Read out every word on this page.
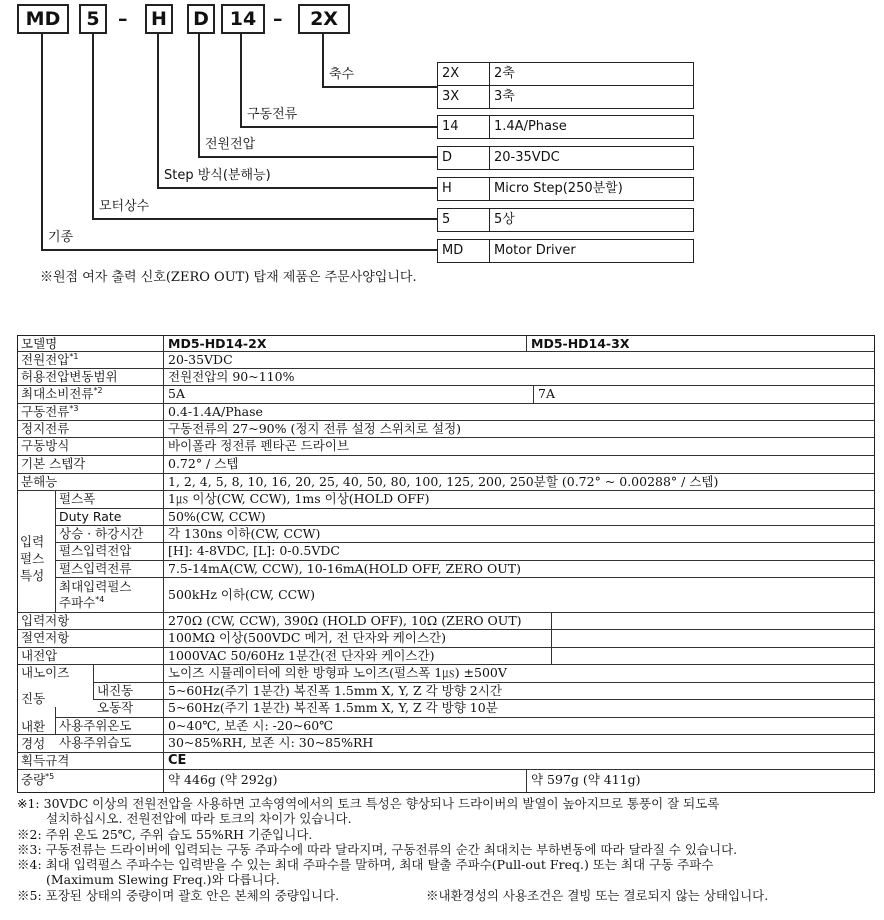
MD	5 –	H	D	14 –	2X
축수
구동전류
전원전압
Step 방식(분해능)
모터상수
기종
2X	2축
3X	3축
14	1.4A/Phase
D	20-35VDC
H	Micro Step(250분할)
5	5상
MD	Motor Driver
※원점 여자 출력 신호(ZERO OUT) 탑재 제품은 주문사양입니다.
모델명	MD5-HD14-2X	MD5-HD14-3X
전원전압$^{*1}$	20-35VDC
허용전압변동범위	전원전압의 90~110%
최대소비전류$^{*2}$	5A	7A
구동전류$^{*3}$	0.4-1.4A/Phase
정지전류	구동전류의 27~90% (정지 전류 설정 스위치로 설정)
구동방식	바이폴라 정전류 펜타곤 드라이브
기본 스텝각	0.72° / 스텝
분해능	1, 2, 4, 5, 8, 10, 16, 20, 25, 40, 50, 80, 100, 125, 200, 250분할 (0.72° ~ 0.00288° / 스텝)
입력
펄스
특성
펄스폭	1㎲ 이상(CW, CCW), 1ms 이상(HOLD OFF)
Duty Rate	50%(CW, CCW)
상승 · 하강시간	각 130ns 이하(CW, CCW)
펄스입력전압	[H]: 4-8VDC, [L]: 0-0.5VDC
펄스입력전류	7.5-14mA(CW, CCW), 10-16mA(HOLD OFF, ZERO OUT)
최대입력펄스
주파수$^{*4}$	500kHz 이하(CW, CCW)
입력저항	270Ω (CW, CCW), 390Ω (HOLD OFF), 10Ω (ZERO OUT)
절연저항	100MΩ 이상(500VDC 메거, 전 단자와 케이스간)
내전압	1000VAC 50/60Hz 1분간(전 단자와 케이스간)
내노이즈	노이즈 시뮬레이터에 의한 방형파 노이즈(펄스폭 1㎲) ±500V
진동
내진동	5~60Hz(주기 1분간) 복진폭 1.5mm X, Y, Z 각 방향 2시간
오동작	5~60Hz(주기 1분간) 복진폭 1.5mm X, Y, Z 각 방향 10분
내환
경성
사용주위온도	0~40℃, 보존 시: -20~60℃
사용주위습도	30~85%RH, 보존 시: 30~85%RH
획득규격	CE
중량$^{*5}$	약 446g (약 292g)	약 597g (약 411g)
※1: 30VDC 이상의 전원전압을 사용하면 고속영역에서의 토크 특성은 향상되나 드라이버의 발열이 높아지므로 통풍이 잘 되도록
설치하십시오. 전원전압에 따라 토크의 차이가 있습니다.
※2: 주위 온도 25℃, 주위 습도 55%RH 기준입니다.
※3: 구동전류는 드라이버에 입력되는 구동 주파수에 따라 달라지며, 구동전류의 순간 최대치는 부하변동에 따라 달라질 수 있습니다.
※4: 최대 입력펄스 주파수는 입력받을 수 있는 최대 주파수를 말하며, 최대 탈출 주파수(Pull-out Freq.) 또는 최대 구동 주파수
(Maximum Slewing Freq.)와 다릅니다.
※5: 포장된 상태의 중량이며 괄호 안은 본체의 중량입니다.	※내환경성의 사용조건은 결빙 또는 결로되지 않는 상태입니다.
